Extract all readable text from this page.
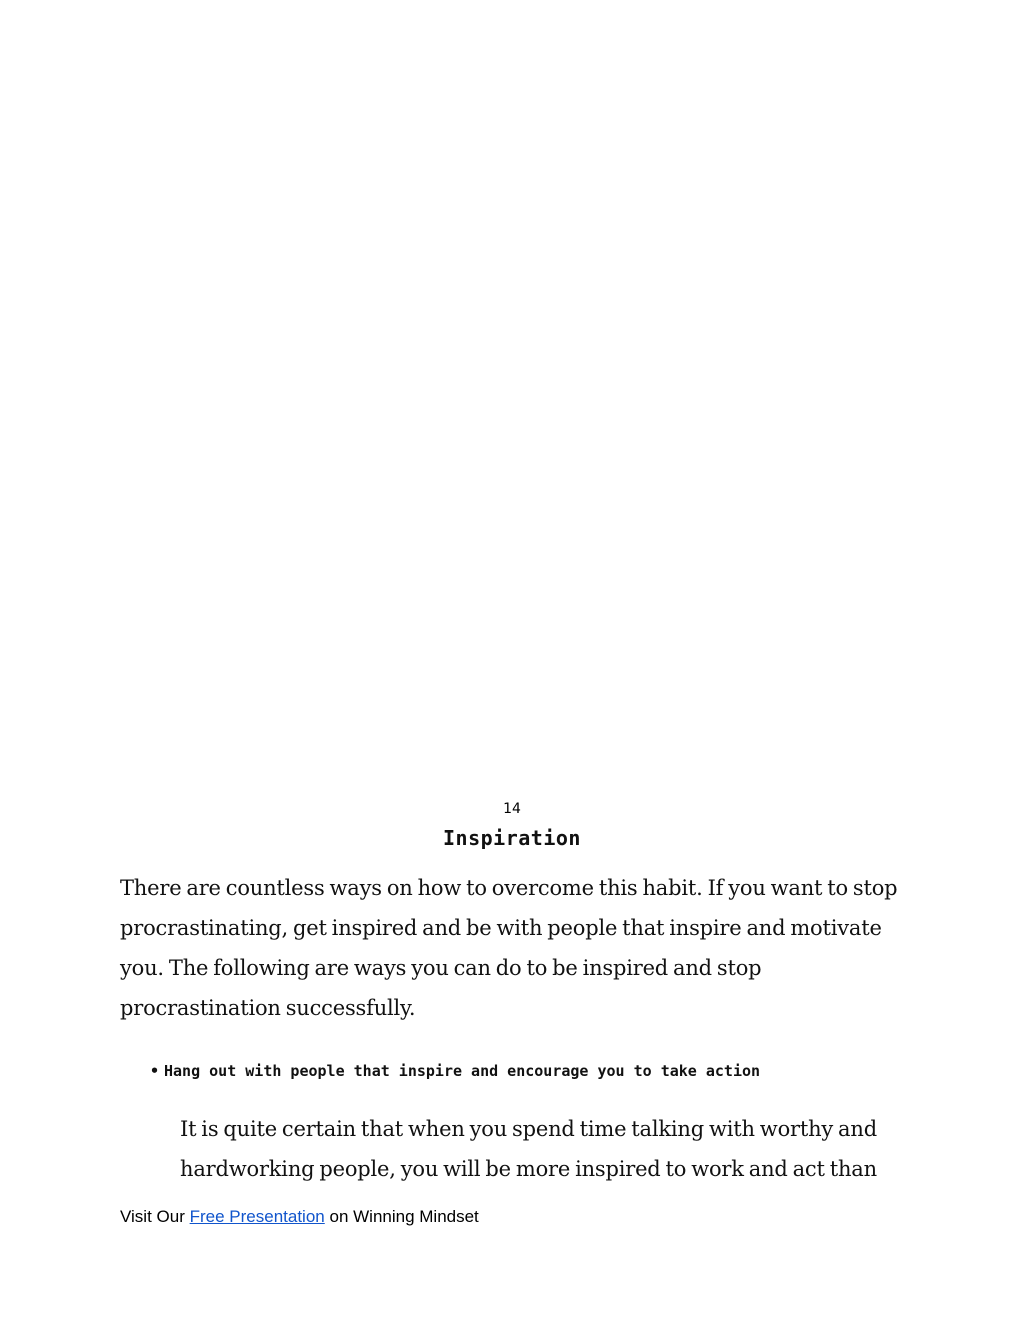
14
Inspiration

There are countless ways on how to overcome this habit. If you want to stop procrastinating, get inspired and be with people that inspire and motivate you. The following are ways you can do to be inspired and stop procrastination successfully.

• Hang out with people that inspire and encourage you to take action

It is quite certain that when you spend time talking with worthy and hardworking people, you will be more inspired to work and act than

Visit Our Free Presentation on Winning Mindset
